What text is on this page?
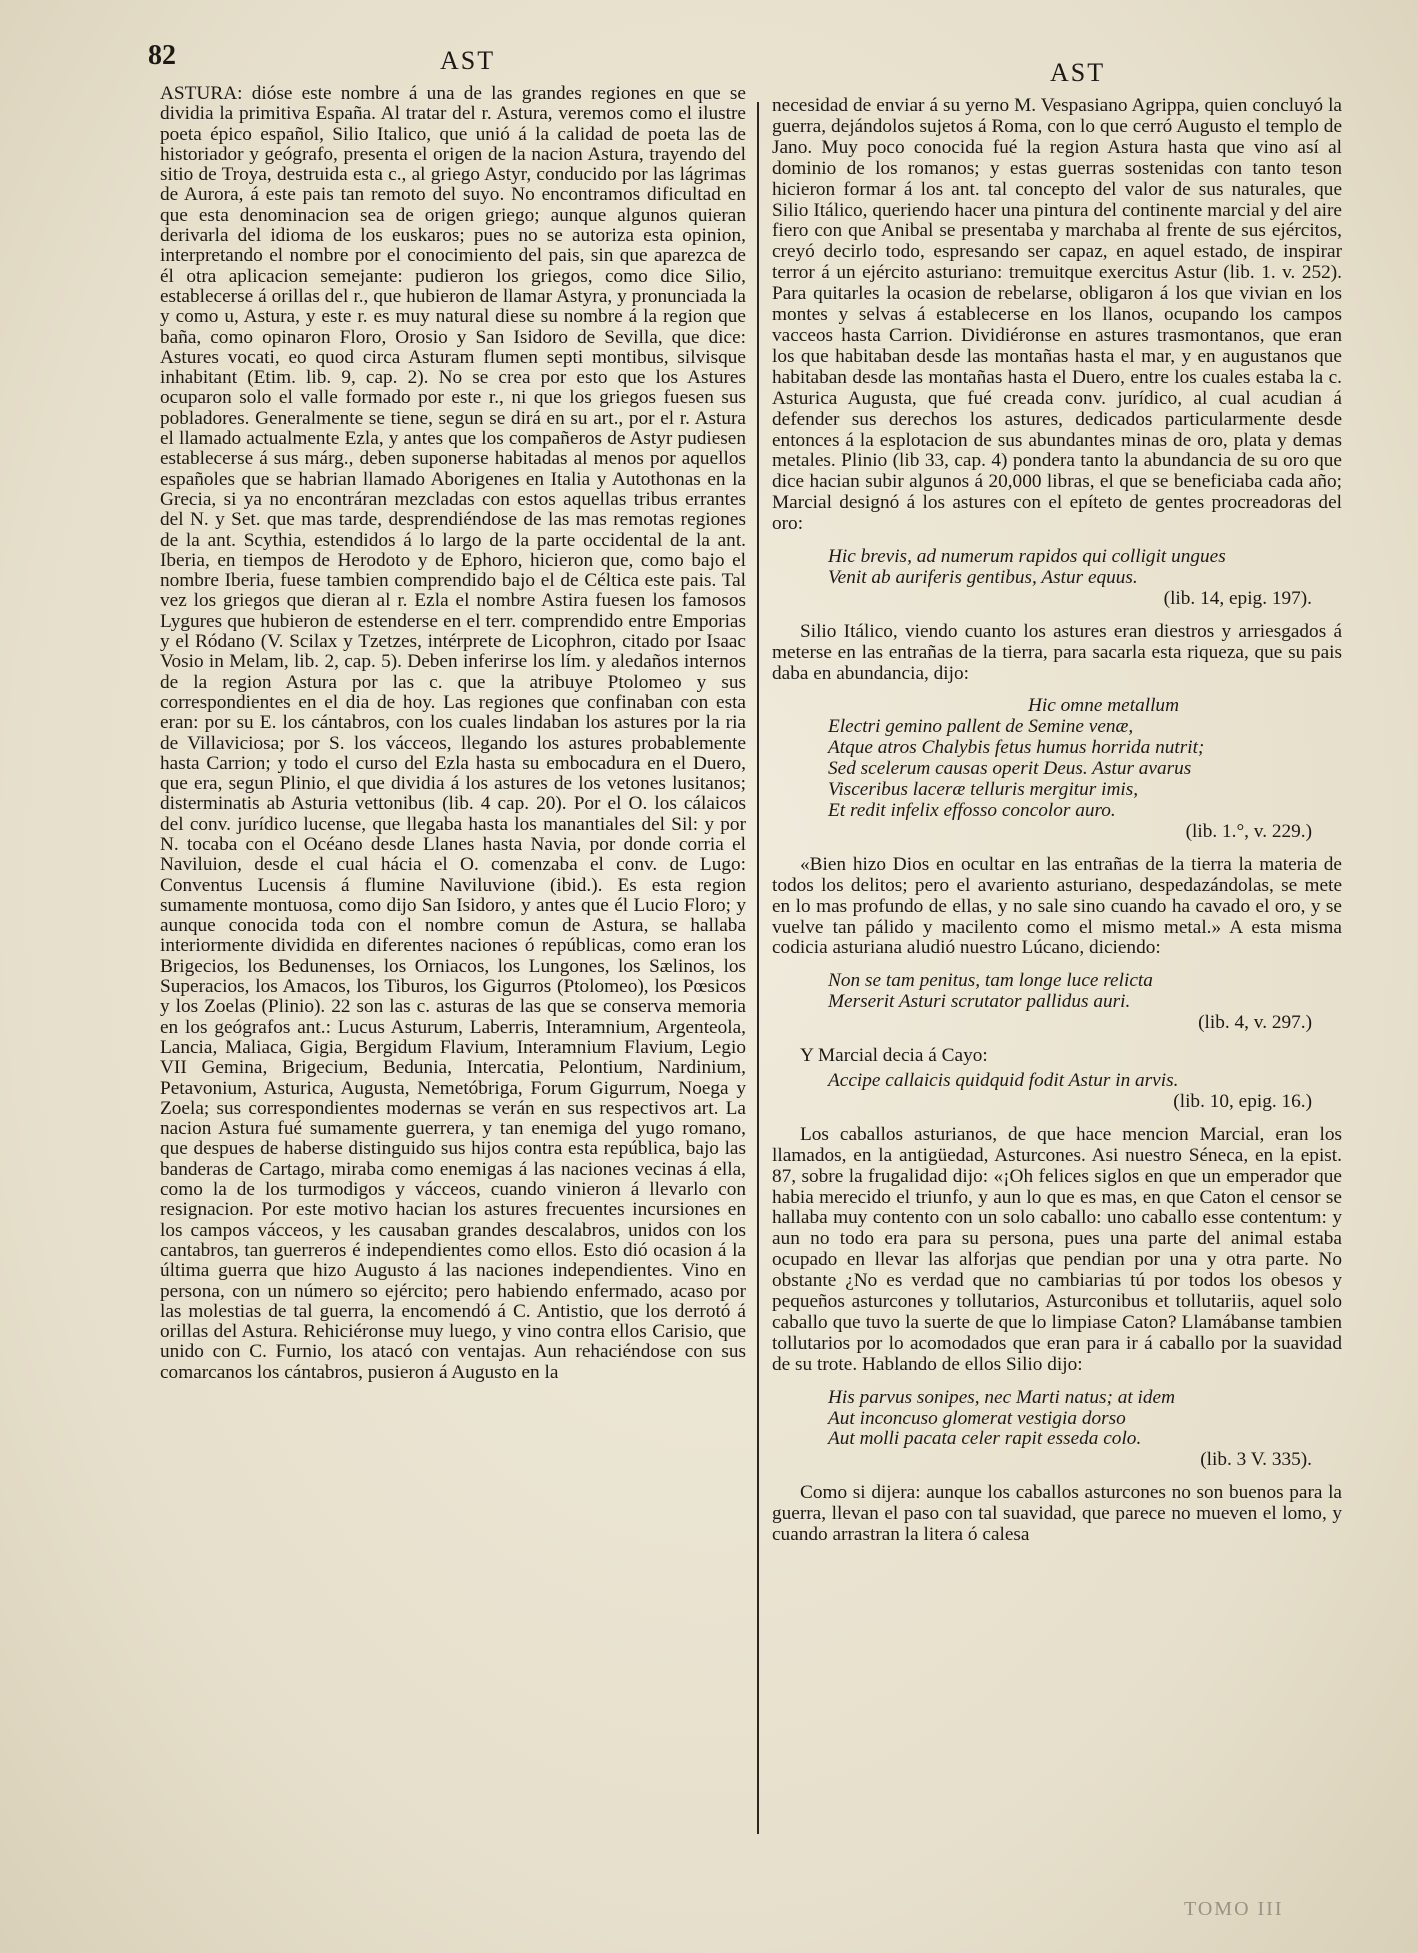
82	AST	AST

ASTURA: dióse este nombre á una de las grandes regiones en que se dividia la primitiva España. Al tratar del r. Astura, veremos como el ilustre poeta épico español, Silio Italico, que unió á la calidad de poeta las de historiador y geógrafo, presenta el origen de la nacion Astura, trayendo del sitio de Troya, destruida esta c., al griego Astyr, conducido por las lágrimas de Aurora, á este pais tan remoto del suyo. No encontramos dificultad en que esta denominacion sea de origen griego; aunque algunos quieran derivarla del idioma de los euskaros; pues no se autoriza esta opinion, interpretando el nombre por el conocimiento del pais, sin que aparezca de él otra aplicacion semejante: pudieron los griegos, como dice Silio, establecerse á orillas del r., que hubieron de llamar Astyra, y pronunciada la y como u, Astura, y este r. es muy natural diese su nombre á la region que baña, como opinaron Floro, Orosio y San Isidoro de Sevilla, que dice: Astures vocati, eo quod circa Asturam flumen septi montibus, silvisque inhabitant (Etim. lib. 9, cap. 2). No se crea por esto que los Astures ocuparon solo el valle formado por este r., ni que los griegos fuesen sus pobladores. Generalmente se tiene, segun se dirá en su art., por el r. Astura el llamado actualmente Ezla, y antes que los compañeros de Astyr pudiesen establecerse á sus márg., deben suponerse habitadas al menos por aquellos españoles que se habrian llamado Aborigenes en Italia y Autothonas en la Grecia, si ya no encontráran mezcladas con estos aquellas tribus errantes del N. y Set. que mas tarde, desprendiéndose de las mas remotas regiones de la ant. Scythia, estendidos á lo largo de la parte occidental de la ant. Iberia, en tiempos de Herodoto y de Ephoro, hicieron que, como bajo el nombre Iberia, fuese tambien comprendido bajo el de Céltica este pais. Tal vez los griegos que dieran al r. Ezla el nombre Astira fuesen los famosos Lygures que hubieron de estenderse en el terr. comprendido entre Emporias y el Ródano (V. Scilax y Tzetzes, intérprete de Licophron, citado por Isaac Vosio in Melam, lib. 2, cap. 5). Deben inferirse los lím. y aledaños internos de la region Astura por las c. que la atribuye Ptolomeo y sus correspondientes en el dia de hoy. Las regiones que confinaban con esta eran: por su E. los cántabros, con los cuales lindaban los astures por la ria de Villaviciosa; por S. los vácceos, llegando los astures probablemente hasta Carrion; y todo el curso del Ezla hasta su embocadura en el Duero, que era, segun Plinio, el que dividia á los astures de los vetones lusitanos; disterminatis ab Asturia vettonibus (lib. 4 cap. 20). Por el O. los cálaicos del conv. jurídico lucense, que llegaba hasta los manantiales del Sil: y por N. tocaba con el Océano desde Llanes hasta Navia, por donde corria el Naviluion, desde el cual hácia el O. comenzaba el conv. de Lugo: Conventus Lucensis á flumine Naviluvione (ibid.). Es esta region sumamente montuosa, como dijo San Isidoro, y antes que él Lucio Floro; y aunque conocida toda con el nombre comun de Astura, se hallaba interiormente dividida en diferentes naciones ó repúblicas, como eran los Brigecios, los Bedunenses, los Orniacos, los Lungones, los Sælinos, los Superacios, los Amacos, los Tiburos, los Gigurros (Ptolomeo), los Pœsicos y los Zoelas (Plinio). 22 son las c. asturas de las que se conserva memoria en los geógrafos ant.: Lucus Asturum, Laberris, Interamnium, Argenteola, Lancia, Maliaca, Gigia, Bergidum Flavium, Interamnium Flavium, Legio VII Gemina, Brigecium, Bedunia, Intercatia, Pelontium, Nardinium, Petavonium, Asturica, Augusta, Nemetóbriga, Forum Gigurrum, Noega y Zoela; sus correspondientes modernas se verán en sus respectivos art. La nacion Astura fué sumamente guerrera, y tan enemiga del yugo romano, que despues de haberse distinguido sus hijos contra esta república, bajo las banderas de Cartago, miraba como enemigas á las naciones vecinas á ella, como la de los turmodigos y vácceos, cuando vinieron á llevarlo con resignacion. Por este motivo hacian los astures frecuentes incursiones en los campos vácceos, y les causaban grandes descalabros, unidos con los cantabros, tan guerreros é independientes como ellos. Esto dió ocasion á la última guerra que hizo Augusto á las naciones independientes. Vino en persona, con un número so ejército; pero habiendo enfermado, acaso por las molestias de tal guerra, la encomendó á C. Antistio, que los derrotó á orillas del Astura. Rehiciéronse muy luego, y vino contra ellos Carisio, que unido con C. Furnio, los atacó con ventajas. Aun rehaciéndose con sus comarcanos los cántabros, pusieron á Augusto en la

necesidad de enviar á su yerno M. Vespasiano Agrippa, quien concluyó la guerra, dejándolos sujetos á Roma, con lo que cerró Augusto el templo de Jano. Muy poco conocida fué la region Astura hasta que vino así al dominio de los romanos; y estas guerras sostenidas con tanto teson hicieron formar á los ant. tal concepto del valor de sus naturales, que Silio Itálico, queriendo hacer una pintura del continente marcial y del aire fiero con que Anibal se presentaba y marchaba al frente de sus ejércitos, creyó decirlo todo, espresando ser capaz, en aquel estado, de inspirar terror á un ejército asturiano: tremuitque exercitus Astur (lib. 1. v. 252). Para quitarles la ocasion de rebelarse, obligaron á los que vivian en los montes y selvas á establecerse en los llanos, ocupando los campos vacceos hasta Carrion. Dividiéronse en astures trasmontanos, que eran los que habitaban desde las montañas hasta el mar, y en augustanos que habitaban desde las montañas hasta el Duero, entre los cuales estaba la c. Asturica Augusta, que fué creada conv. jurídico, al cual acudian á defender sus derechos los astures, dedicados particularmente desde entonces á la esplotacion de sus abundantes minas de oro, plata y demas metales. Plinio (lib 33, cap. 4) pondera tanto la abundancia de su oro que dice hacian subir algunos á 20,000 libras, el que se beneficiaba cada año; Marcial designó á los astures con el epíteto de gentes procreadoras del oro:

Hic brevis, ad numerum rapidos qui colligit ungues
Venit ab auriferis gentibus, Astur equus.
(lib. 14, epig. 197).

Silio Itálico, viendo cuanto los astures eran diestros y arriesgados á meterse en las entrañas de la tierra, para sacarla esta riqueza, que su pais daba en abundancia, dijo:

Hic omne metallum
Electri gemino pallent de Semine venæ,
Atque atros Chalybis fetus humus horrida nutrit;
Sed scelerum causas operit Deus. Astur avarus
Visceribus laceræ telluris mergitur imis,
Et redit infelix effosso concolor auro.
(lib. 1.°, v. 229.)

«Bien hizo Dios en ocultar en las entrañas de la tierra la materia de todos los delitos; pero el avariento asturiano, despedazándolas, se mete en lo mas profundo de ellas, y no sale sino cuando ha cavado el oro, y se vuelve tan pálido y macilento como el mismo metal.» A esta misma codicia asturiana aludió nuestro Lúcano, diciendo:

Non se tam penitus, tam longe luce relicta
Merserit Asturi scrutator pallidus auri.
(lib. 4, v. 297.)

Y Marcial decia á Cayo:

Accipe callaicis quidquid fodit Astur in arvis.
(lib. 10, epig. 16.)

Los caballos asturianos, de que hace mencion Marcial, eran los llamados, en la antigüedad, Asturcones. Asi nuestro Séneca, en la epist. 87, sobre la frugalidad dijo: «¡Oh felices siglos en que un emperador que habia merecido el triunfo, y aun lo que es mas, en que Caton el censor se hallaba muy contento con un solo caballo: uno caballo esse contentum: y aun no todo era para su persona, pues una parte del animal estaba ocupado en llevar las alforjas que pendian por una y otra parte. No obstante ¿No es verdad que no cambiarias tú por todos los obesos y pequeños asturcones y tollutarios, Asturconibus et tollutariis, aquel solo caballo que tuvo la suerte de que lo limpiase Caton? Llamábanse tambien tollutarios por lo acomodados que eran para ir á caballo por la suavidad de su trote. Hablando de ellos Silio dijo:

His parvus sonipes, nec Marti natus; at idem
Aut inconcuso glomerat vestigia dorso
Aut molli pacata celer rapit esseda colo.
(lib. 3 V. 335).

Como si dijera: aunque los caballos asturcones no son buenos para la guerra, llevan el paso con tal suavidad, que parece no mueven el lomo, y cuando arrastran la litera ó calesa

TOMO III
